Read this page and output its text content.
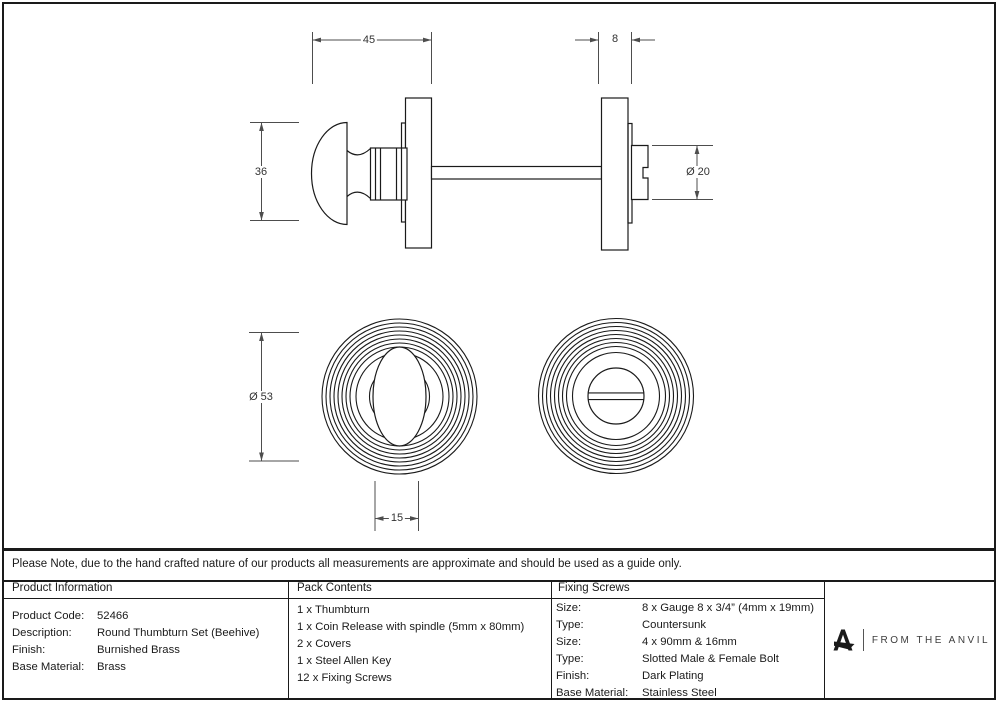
45	8
36	Ø 20
Ø 53
15
Please Note, due to the hand crafted nature of our products all measurements are approximate and should be used as a guide only.
Product Information	Pack Contents	Fixing Screws
Product Code:	52466
Description:	Round Thumbturn Set (Beehive)
Finish:	Burnished Brass
Base Material:	Brass
1 x Thumbturn
1 x Coin Release with spindle (5mm x 80mm)
2 x Covers
1 x Steel Allen Key
12 x Fixing Screws
Size:	8 x Gauge 8 x 3/4” (4mm x 19mm)
Type:	Countersunk
Size:	4 x 90mm & 16mm
Type:	Slotted Male & Female Bolt
Finish:	Dark Plating
Base Material:	Stainless Steel
FROM THE ANVIL
